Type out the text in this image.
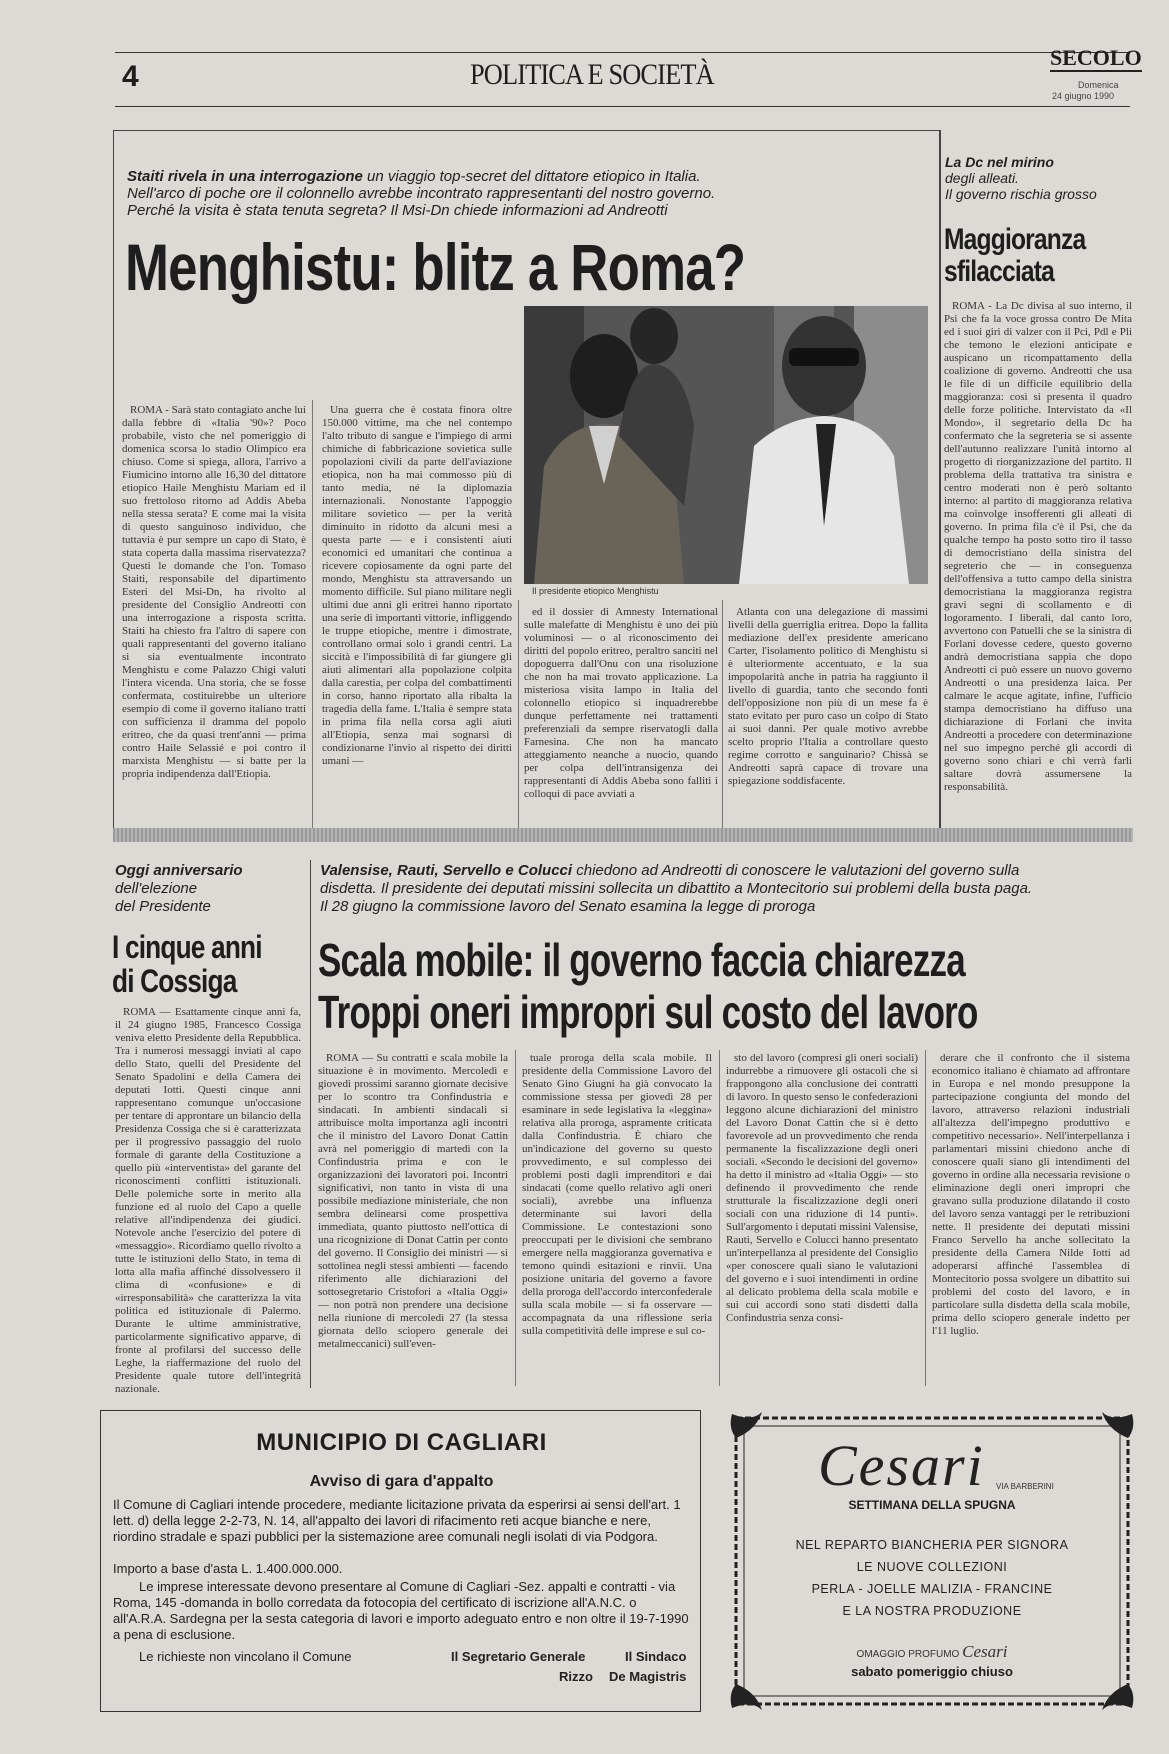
4	POLITICA E SOCIETÀ
SECOLO
Domenica
24 giugno 1990
Staiti rivela in una interrogazione un viaggio top-secret del dittatore etiopico in Italia.
Nell'arco di poche ore il colonnello avrebbe incontrato rappresentanti del nostro governo.
Perché la visita è stata tenuta segreta? Il Msi-Dn chiede informazioni ad Andreotti
Menghistu: blitz a Roma?
Il presidente etiopico Menghistu

ROMA - Sarà stato contagiato anche lui dalla febbre di «Italia '90»? Poco probabile, visto che nel pomeriggio di domenica scorsa lo stadio Olimpico era chiuso. Come si spiega, allora, l'arrivo a Fiumicino intorno alle 16,30 del dittatore etiopico Haile Menghistu Mariam ed il suo frettoloso ritorno ad Addis Abeba nella stessa serata? E come mai la visita di questo sanguinoso individuo, che tuttavia è pur sempre un capo di Stato, è stata coperta dalla massima riservatezza? Questi le domande che l'on. Tomaso Staiti, responsabile del dipartimento Esteri del Msi-Dn, ha rivolto al presidente del Consiglio Andreotti con una interrogazione a risposta scritta. Staiti ha chiesto fra l'altro di sapere con quali rappresentanti del governo italiano si sia eventualmente incontrato Menghistu e come Palazzo Chigi valuti l'intera vicenda. Una storia, che se fosse confermata, costituirebbe un ulteriore esempio di come il governo italiano tratti con sufficienza il dramma del popolo eritreo, che da quasi trent'anni — prima contro Haile Selassié e poi contro il marxista Menghistu — si batte per la propria indipendenza dall'Etiopia.

Una guerra che è costata finora oltre 150.000 vittime, ma che nel contempo l'alto tributo di sangue e l'impiego di armi chimiche di fabbricazione sovietica sulle popolazioni civili da parte dell'aviazione etiopica, non ha mai commosso più di tanto media, né la diplomazia internazionali. Nonostante l'appoggio militare sovietico — per la verità diminuito in ridotto da alcuni mesi a questa parte — e i consistenti aiuti economici ed umanitari che continua a ricevere copiosamente da ogni parte del mondo, Menghistu sta attraversando un momento difficile. Sul piano militare negli ultimi due anni gli eritrei hanno riportato una serie di importanti vittorie, infliggendo le truppe etiopiche, mentre i dimostrate, controllano ormai solo i grandi centri. La siccità e l'impossibilità di far giungere gli aiuti alimentari alla popolazione colpita dalla carestia, per colpa del combattimenti in corso, hanno riportato alla ribalta la tragedia della fame. L'Italia è sempre stata in prima fila nella corsa agli aiuti all'Etiopia, senza mai sognarsi di condizionarne l'invio al rispetto dei diritti umani —

ed il dossier di Amnesty International sulle malefatte di Menghistu è uno dei più voluminosi — o al riconoscimento dei diritti del popolo eritreo, peraltro sanciti nel dopoguerra dall'Onu con una risoluzione che non ha mai trovato applicazione. La misteriosa visita lampo in Italia del colonnello etiopico si inquadrerebbe dunque perfettamente nei trattamenti preferenziali da sempre riservatogli dalla Farnesina. Che non ha mancato atteggiamento neanche a nuocio, quando per colpa dell'intransigenza dei rappresentanti di Addis Abeba sono falliti i colloqui di pace avviati a

Atlanta con una delegazione di massimi livelli della guerriglia eritrea. Dopo la fallita mediazione dell'ex presidente americano Carter, l'isolamento politico di Menghistu si è ulteriormente accentuato, e la sua impopolarità anche in patria ha raggiunto il livello di guardia, tanto che secondo fonti dell'opposizione non più di un mese fa è stato evitato per puro caso un colpo di Stato ai suoi danni. Per quale motivo avrebbe scelto proprio l'Italia a controllare questo regime corrotto e sanguinario? Chissà se Andreotti saprà capace di trovare una spiegazione soddisfacente.

La Dc nel mirino
degli alleati.
Il governo rischia grosso
Maggioranza
sfilacciata

ROMA - La Dc divisa al suo interno, il Psi che fa la voce grossa contro De Mita ed i suoi giri di valzer con il Pci, Pdl e Pli che temono le elezioni anticipate e auspicano un ricompattamento della coalizione di governo. Andreotti che usa le file di un difficile equilibrio della maggioranza: così si presenta il quadro delle forze politiche. Intervistato da «Il Mondo», il segretario della Dc ha confermato che la segreteria se si assente dell'autunno realizzare l'unità intorno al progetto di riorganizzazione del partito. Il problema della trattativa tra sinistra e centro moderati non è però soltanto interno: al partito di maggioranza relativa ma coinvolge insofferenti gli alleati di governo. In prima fila c'è il Psi, che da qualche tempo ha posto sotto tiro il tasso di democristiano della sinistra del segreterio che — in conseguenza dell'offensiva a tutto campo della sinistra democristiana la maggioranza registra gravi segni di scollamento e di logoramento. I liberali, dal canto loro, avvertono con Patuelli che se la sinistra di Forlani dovesse cedere, questo governo andrà democristiana sappia che dopo Andreotti ci può essere un nuovo governo Andreotti o una presidenza laica. Per calmare le acque agitate, infine, l'ufficio stampa democristiano ha diffuso una dichiarazione di Forlani che invita Andreotti a procedere con determinazione nel suo impegno perché gli accordi di governo sono chiari e chi verrà farli saltare dovrà assumersene la responsabilità.

Oggi anniversario
dell'elezione
del Presidente
I cinque anni
di Cossiga

ROMA — Esattamente cinque anni fa, il 24 giugno 1985, Francesco Cossiga veniva eletto Presidente della Repubblica. Tra i numerosi messaggi inviati al capo dello Stato, quelli del Presidente del Senato Spadolini e della Camera dei deputati Iotti. Questi cinque anni rappresentano comunque un'occasione per tentare di approntare un bilancio della Presidenza Cossiga che si è caratterizzata per il progressivo passaggio del ruolo formale di garante della Costituzione a quello più «interventista» del garante del riconoscimenti conflitti istituzionali. Delle polemiche sorte in merito alla funzione ed al ruolo del Capo a quelle relative all'indipendenza dei giudici. Notevole anche l'esercizio del potere di «messaggio». Ricordiamo quello rivolto a tutte le istituzioni dello Stato, in tema di lotta alla mafia affinché dissolvessero il clima di «confusione» e di «irresponsabilità» che caratterizza la vita politica ed istituzionale di Palermo. Durante le ultime amministrative, particolarmente significativo apparve, di fronte al profilarsi del successo delle Leghe, la riaffermazione del ruolo del Presidente quale tutore dell'integrità nazionale.

Valensise, Rauti, Servello e Colucci chiedono ad Andreotti di conoscere le valutazioni del governo sulla
disdetta. Il presidente dei deputati missini sollecita un dibattito a Montecitorio sui problemi della busta paga.
Il 28 giugno la commissione lavoro del Senato esamina la legge di proroga
Scala mobile: il governo faccia chiarezza
Troppi oneri impropri sul costo del lavoro

ROMA — Su contratti e scala mobile la situazione è in movimento. Mercoledì e giovedì prossimi saranno giornate decisive per lo scontro tra Confindustria e sindacati. In ambienti sindacali si attribuisce molta importanza agli incontri che il ministro del Lavoro Donat Cattin avrà nel pomeriggio di martedì con la Confindustria prima e con le organizzazioni dei lavoratori poi. Incontri significativi, non tanto in vista di una possibile mediazione ministeriale, che non sembra delinearsi come prospettiva immediata, quanto piuttosto nell'ottica di una ricognizione di Donat Cattin per conto del governo. Il Consiglio dei ministri — si sottolinea negli stessi ambienti — facendo riferimento alle dichiarazioni del sottosegretario Cristofori a «Italia Oggi» — non potrà non prendere una decisione nella riunione di mercoledì 27 (la stessa giornata dello sciopero generale dei metalmeccanici) sull'even-

tuale proroga della scala mobile. Il presidente della Commissione Lavoro del Senato Gino Giugni ha già convocato la commissione stessa per giovedì 28 per esaminare in sede legislativa la «leggina» relativa alla proroga, aspramente criticata dalla Confindustria. È chiaro che un'indicazione del governo su questo provvedimento, e sul complesso dei problemi posti dagli imprenditori e dai sindacati (come quello relativo agli oneri sociali), avrebbe una influenza determinante sui lavori della Commissione. Le contestazioni sono preoccupati per le divisioni che sembrano emergere nella maggioranza governativa e temono quindi esitazioni e rinvii. Una posizione unitaria del governo a favore della proroga dell'accordo interconfederale sulla scala mobile — si fa osservare — accompagnata da una riflessione seria sulla competitività delle imprese e sul co-

sto del lavoro (compresi gli oneri sociali) indurrebbe a rimuovere gli ostacoli che si frappongono alla conclusione dei contratti di lavoro. In questo senso le confederazioni leggono alcune dichiarazioni del ministro del Lavoro Donat Cattin che si è detto favorevole ad un provvedimento che renda permanente la fiscalizzazione degli oneri sociali. «Secondo le decisioni del governo» ha detto il ministro ad «Italia Oggi» — sto definendo il provvedimento che rende strutturale la fiscalizzazione degli oneri sociali con una riduzione di 14 punti». Sull'argomento i deputati missini Valensise, Rauti, Servello e Colucci hanno presentato un'interpellanza al presidente del Consiglio «per conoscere quali siano le valutazioni del governo e i suoi intendimenti in ordine al delicato problema della scala mobile e sui cui accordi sono stati disdetti dalla Confindustria senza consi-

derare che il confronto che il sistema economico italiano è chiamato ad affrontare in Europa e nel mondo presuppone la partecipazione congiunta del mondo del lavoro, attraverso relazioni industriali all'altezza dell'impegno produttivo e competitivo necessario». Nell'interpellanza i parlamentari missini chiedono anche di conoscere quali siano gli intendimenti del governo in ordine alla necessaria revisione o eliminazione degli oneri impropri che gravano sulla produzione dilatando il costo del lavoro senza vantaggi per le retribuzioni nette. Il presidente dei deputati missini Franco Servello ha anche sollecitato la presidente della Camera Nilde Iotti ad adoperarsi affinché l'assemblea di Montecitorio possa svolgere un dibattito sui problemi del costo del lavoro, e in particolare sulla disdetta della scala mobile, prima dello sciopero generale indetto per l'11 luglio.

MUNICIPIO DI CAGLIARI
Avviso di gara d'appalto
Il Comune di Cagliari intende procedere, mediante licitazione privata da esperirsi ai sensi dell'art. 1 lett. d) della legge 2-2-73, N. 14, all'appalto dei lavori di rifacimento reti acque bianche e nere, riordino stradale e spazi pubblici per la sistemazione aree comunali negli isolati di via Podgora.
Importo a base d'asta L. 1.400.000.000.
Le imprese interessate devono presentare al Comune di Cagliari -Sez. appalti e contratti - via Roma, 145 -domanda in bollo corredata da fotocopia del certificato di iscrizione all'A.N.C. o all'A.R.A. Sardegna per la sesta categoria di lavori e importo adeguato entro e non oltre il 19-7-1990 a pena di esclusione.
Le richieste non vincolano il Comune	Il Segretario Generale
Rizzo
Il Sindaco
De Magistris
Cesari VIA BARBERINI
SETTIMANA DELLA SPUGNA
NEL REPARTO BIANCHERIA PER SIGNORA
LE NUOVE COLLEZIONI
PERLA - JOELLE MALIZIA - FRANCINE
E LA NOSTRA PRODUZIONE
OMAGGIO PROFUMO Cesari
sabato pomeriggio chiuso
